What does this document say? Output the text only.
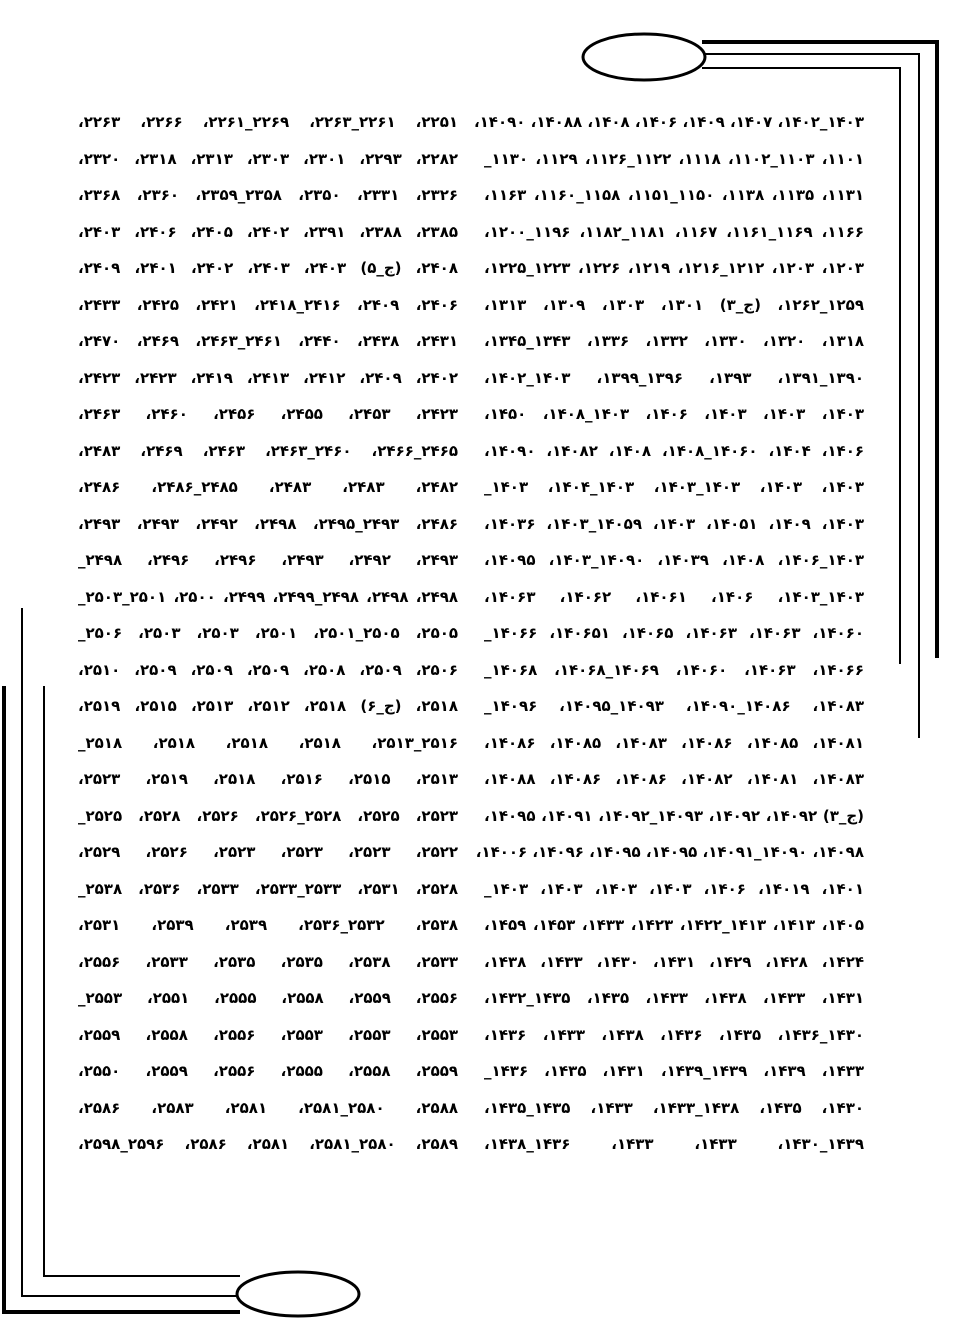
۱۴۰۳_۱۴۰۲، ۱۴۰۷، ۱۴۰۹، ۱۴۰۶، ۱۴۰۸، ۱۴۰۸۸، ۱۴۰۹۰،
۱۱۰۱، ۱۱۰۳_۱۱۰۲، ۱۱۱۸، ۱۱۲۲_۱۱۲۶، ۱۱۲۹، ۱۱۳۰_
۱۱۳۱، ۱۱۳۵، ۱۱۳۸، ۱۱۵۰_۱۱۵۱، ۱۱۵۸_۱۱۶۰، ۱۱۶۳،
۱۱۶۶، ۱۱۶۹_۱۱۶۱، ۱۱۶۷، ۱۱۸۱_۱۱۸۲، ۱۱۹۶_۱۲۰۰،
۱۲۰۳، ۱۲۰۳، ۱۲۱۲_۱۲۱۶، ۱۲۱۹، ۱۲۲۶، ۱۲۲۳_۱۲۲۵،
۱۲۵۹_۱۲۶۲، (ج_۳) ۱۳۰۱، ۱۳۰۳، ۱۳۰۹، ۱۳۱۳،
۱۳۱۸، ۱۳۲۰، ۱۳۳۰، ۱۳۳۲، ۱۳۳۶، ۱۳۴۳_۱۳۴۵،
۱۳۹۰_۱۳۹۱، ۱۳۹۳، ۱۳۹۶_۱۳۹۹، ۱۴۰۳_۱۴۰۲،
۱۴۰۳، ۱۴۰۳، ۱۴۰۳، ۱۴۰۶، ۱۴۰۳_۱۴۰۸، ۱۴۵۰،
۱۴۰۶، ۱۴۰۴، ۱۴۰۶۰_۱۴۰۸، ۱۴۰۸، ۱۴۰۸۲، ۱۴۰۹۰،
۱۴۰۳، ۱۴۰۳، ۱۴۰۳_۱۴۰۳، ۱۴۰۳_۱۴۰۴، ۱۴۰۳_
۱۴۰۳، ۱۴۰۹، ۱۴۰۵۱، ۱۴۰۳، ۱۴۰۵۹_۱۴۰۳، ۱۴۰۳۶،
۱۴۰۳_۱۴۰۶، ۱۴۰۸، ۱۴۰۳۹، ۱۴۰۹۰_۱۴۰۳، ۱۴۰۹۵،
۱۴۰۳_۱۴۰۳، ۱۴۰۶، ۱۴۰۶۱، ۱۴۰۶۲، ۱۴۰۶۳،
۱۴۰۶۰، ۱۴۰۶۳، ۱۴۰۶۳، ۱۴۰۶۵، ۱۴۰۶۵۱، ۱۴۰۶۶_
۱۴۰۶۶، ۱۴۰۶۳، ۱۴۰۶۰، ۱۴۰۶۹_۱۴۰۶۸، ۱۴۰۶۸_
۱۴۰۸۳، ۱۴۰۸۶_۱۴۰۹۰، ۱۴۰۹۳_۱۴۰۹۵، ۱۴۰۹۶_
۱۴۰۸۱، ۱۴۰۸۵، ۱۴۰۸۶، ۱۴۰۸۳، ۱۴۰۸۵، ۱۴۰۸۶،
۱۴۰۸۳، ۱۴۰۸۱، ۱۴۰۸۲، ۱۴۰۸۶، ۱۴۰۸۶، ۱۴۰۸۸،
(ج_۳) ۱۴۰۹۲، ۱۴۰۹۲، ۱۴۰۹۳_۱۴۰۹۲، ۱۴۰۹۱، ۱۴۰۹۵،
۱۴۰۹۸، ۱۴۰۹۰_۱۴۰۹۱، ۱۴۰۹۵، ۱۴۰۹۵، ۱۴۰۹۶، ۱۴۰۰۶،
۱۴۰۱، ۱۴۰۱۹، ۱۴۰۶، ۱۴۰۳، ۱۴۰۳، ۱۴۰۳، ۱۴۰۳_
۱۴۰۵، ۱۴۱۳، ۱۴۱۳_۱۴۲۲، ۱۴۲۳، ۱۴۳۳، ۱۴۵۳، ۱۴۵۹،
۱۴۲۴، ۱۴۲۸، ۱۴۲۹، ۱۴۳۱، ۱۴۳۰، ۱۴۳۳، ۱۴۳۸،
۱۴۳۱، ۱۴۳۳، ۱۴۳۸، ۱۴۳۳، ۱۴۳۵، ۱۴۳۵_۱۴۳۲،
۱۴۳۰_۱۴۳۶، ۱۴۳۵، ۱۴۳۶، ۱۴۳۸، ۱۴۳۳، ۱۴۳۶،
۱۴۳۳، ۱۴۳۹، ۱۴۳۹_۱۴۳۹، ۱۴۳۱، ۱۴۳۵، ۱۴۳۶_
۱۴۳۰، ۱۴۳۵، ۱۴۳۸_۱۴۳۳، ۱۴۳۳، ۱۴۳۵_۱۴۳۵،
۱۴۳۹_۱۴۳۰، ۱۴۳۳، ۱۴۳۳، ۱۴۳۶_۱۴۳۸،
۲۲۵۱، ۲۲۶۱_۲۲۶۳، ۲۲۶۹_۲۲۶۱، ۲۲۶۶، ۲۲۶۳،
۲۲۸۲، ۲۲۹۳، ۲۳۰۱، ۲۳۰۳، ۲۳۱۳، ۲۳۱۸، ۲۳۲۰،
۲۳۲۶، ۲۳۳۱، ۲۳۵۰، ۲۳۵۸_۲۳۵۹، ۲۳۶۰، ۲۳۶۸،
۲۳۸۵، ۲۳۸۸، ۲۳۹۱، ۲۴۰۲، ۲۴۰۵، ۲۴۰۶، ۲۴۰۳،
۲۴۰۸، (ج_۵) ۲۴۰۳، ۲۴۰۳، ۲۴۰۲، ۲۴۰۱، ۲۴۰۹،
۲۴۰۶، ۲۴۰۹، ۲۴۱۶_۲۴۱۸، ۲۴۲۱، ۲۴۲۵، ۲۴۳۳،
۲۴۳۱، ۲۴۳۸، ۲۴۴۰، ۲۴۶۱_۲۴۶۳، ۲۴۶۹، ۲۴۷۰،
۲۴۰۲، ۲۴۰۹، ۲۴۱۲، ۲۴۱۳، ۲۴۱۹، ۲۴۲۳، ۲۴۲۳،
۲۴۲۳، ۲۴۵۳، ۲۴۵۵، ۲۴۵۶، ۲۴۶۰، ۲۴۶۳،
۲۴۶۵_۲۴۶۶، ۲۴۶۰_۲۴۶۳، ۲۴۶۳، ۲۴۶۹، ۲۴۸۳،
۲۴۸۲، ۲۴۸۳، ۲۴۸۳، ۲۴۸۵_۲۴۸۶، ۲۴۸۶،
۲۴۸۶، ۲۴۹۳_۲۴۹۵، ۲۴۹۸، ۲۴۹۲، ۲۴۹۳، ۲۴۹۳،
۲۴۹۳، ۲۴۹۲، ۲۴۹۳، ۲۴۹۶، ۲۴۹۶، ۲۴۹۸_
۲۴۹۸، ۲۴۹۸، ۲۴۹۸_۲۴۹۹، ۲۴۹۹، ۲۵۰۰، ۲۵۰۱_۲۵۰۳_
۲۵۰۵، ۲۵۰۵_۲۵۰۱، ۲۵۰۱، ۲۵۰۳، ۲۵۰۳، ۲۵۰۶_
۲۵۰۶، ۲۵۰۹، ۲۵۰۸، ۲۵۰۹، ۲۵۰۹، ۲۵۰۹، ۲۵۱۰،
۲۵۱۸، (ج_۶) ۲۵۱۸، ۲۵۱۲، ۲۵۱۳، ۲۵۱۵، ۲۵۱۹،
۲۵۱۶_۲۵۱۳، ۲۵۱۸، ۲۵۱۸، ۲۵۱۸، ۲۵۱۸_
۲۵۱۳، ۲۵۱۵، ۲۵۱۶، ۲۵۱۸، ۲۵۱۹، ۲۵۲۳،
۲۵۲۳، ۲۵۲۵، ۲۵۲۸_۲۵۲۶، ۲۵۲۶، ۲۵۲۸، ۲۵۲۵_
۲۵۲۲، ۲۵۲۳، ۲۵۲۳، ۲۵۲۳، ۲۵۲۶، ۲۵۲۹،
۲۵۲۸، ۲۵۳۱، ۲۵۳۳_۲۵۳۳، ۲۵۳۳، ۲۵۳۶، ۲۵۳۸_
۲۵۳۸، ۲۵۳۲_۲۵۳۶، ۲۵۳۹، ۲۵۳۹، ۲۵۳۱،
۲۵۳۳، ۲۵۳۸، ۲۵۳۵، ۲۵۳۵، ۲۵۳۳، ۲۵۵۶،
۲۵۵۶، ۲۵۵۹، ۲۵۵۸، ۲۵۵۵، ۲۵۵۱، ۲۵۵۳_
۲۵۵۳، ۲۵۵۳، ۲۵۵۳، ۲۵۵۶، ۲۵۵۸، ۲۵۵۹،
۲۵۵۹، ۲۵۵۸، ۲۵۵۵، ۲۵۵۶، ۲۵۵۹، ۲۵۵۰،
۲۵۸۸، ۲۵۸۰_۲۵۸۱، ۲۵۸۱، ۲۵۸۳، ۲۵۸۶،
۲۵۸۹، ۲۵۸۰_۲۵۸۱، ۲۵۸۱، ۲۵۸۶، ۲۵۹۶_۲۵۹۸،
